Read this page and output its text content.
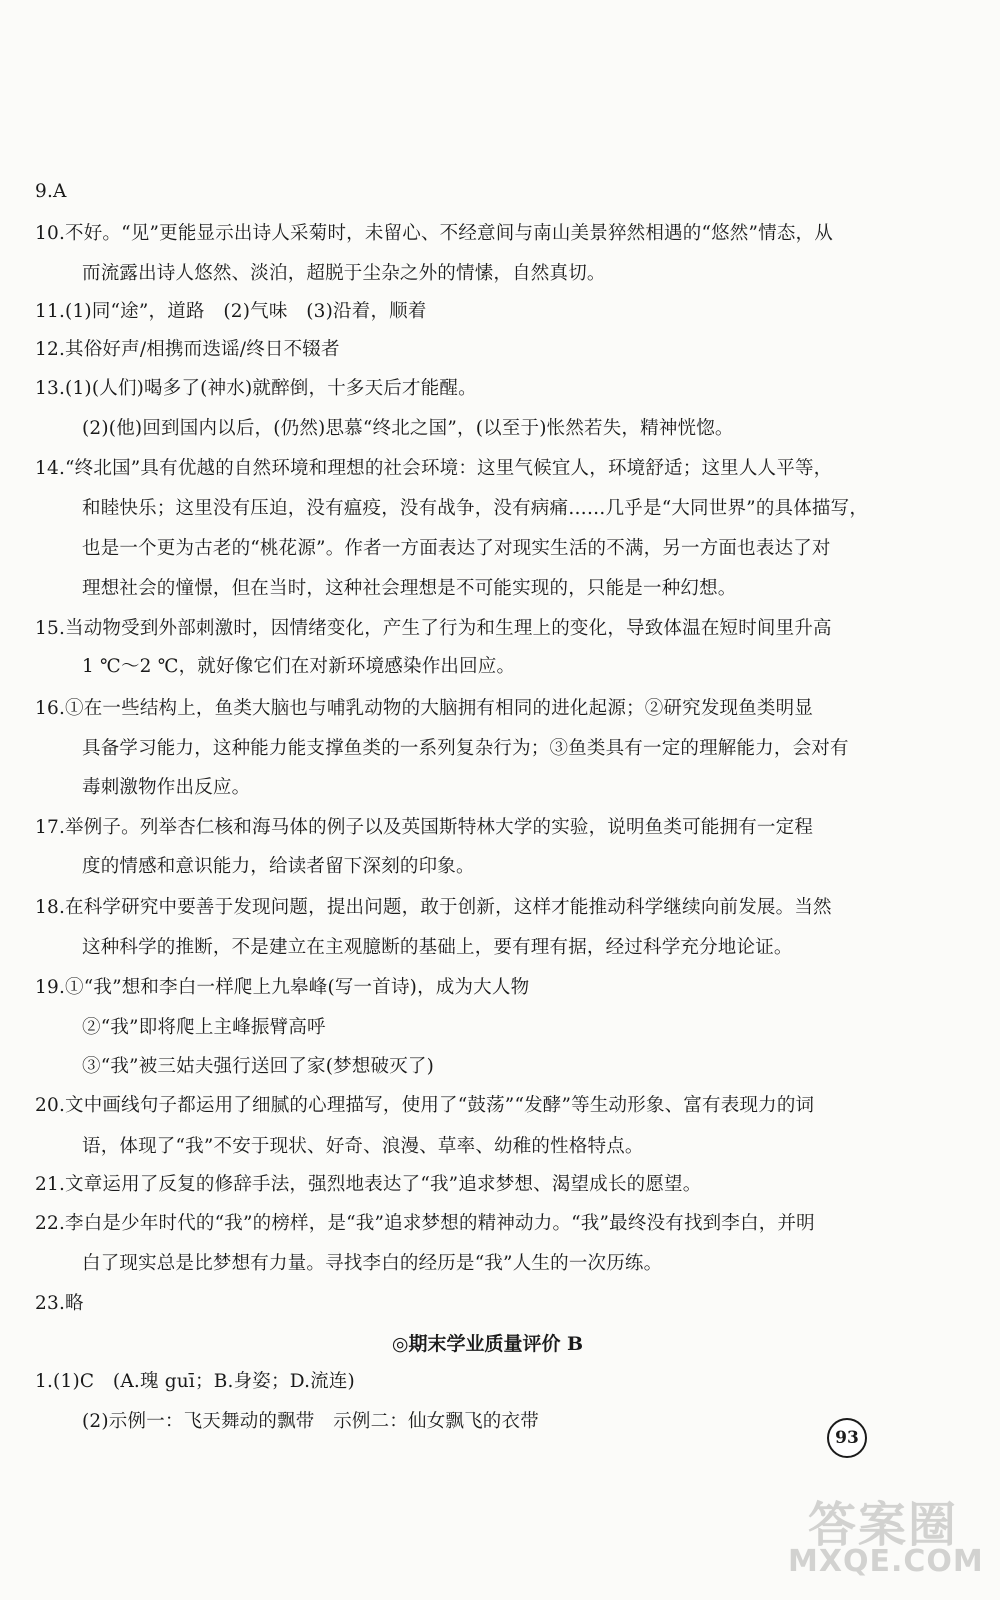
9.A
10.不好。“见”更能显示出诗人采菊时，未留心、不经意间与南山美景猝然相遇的“悠然”情态，从
而流露出诗人悠然、淡泊，超脱于尘杂之外的情愫，自然真切。
11.(1)同“途”，道路　(2)气味　(3)沿着，顺着
12.其俗好声/相携而迭谣/终日不辍者
13.(1)(人们)喝多了(神水)就醉倒，十多天后才能醒。
(2)(他)回到国内以后，(仍然)思慕“终北之国”，(以至于)怅然若失，精神恍惚。
14.“终北国”具有优越的自然环境和理想的社会环境：这里气候宜人，环境舒适；这里人人平等，
和睦快乐；这里没有压迫，没有瘟疫，没有战争，没有病痛……几乎是“大同世界”的具体描写，
也是一个更为古老的“桃花源”。作者一方面表达了对现实生活的不满，另一方面也表达了对
理想社会的憧憬，但在当时，这种社会理想是不可能实现的，只能是一种幻想。
15.当动物受到外部刺激时，因情绪变化，产生了行为和生理上的变化，导致体温在短时间里升高
1 ℃～2 ℃，就好像它们在对新环境感染作出回应。
16.①在一些结构上，鱼类大脑也与哺乳动物的大脑拥有相同的进化起源；②研究发现鱼类明显
具备学习能力，这种能力能支撑鱼类的一系列复杂行为；③鱼类具有一定的理解能力，会对有
毒刺激物作出反应。
17.举例子。列举杏仁核和海马体的例子以及英国斯特林大学的实验，说明鱼类可能拥有一定程
度的情感和意识能力，给读者留下深刻的印象。
18.在科学研究中要善于发现问题，提出问题，敢于创新，这样才能推动科学继续向前发展。当然
这种科学的推断，不是建立在主观臆断的基础上，要有理有据，经过科学充分地论证。
19.①“我”想和李白一样爬上九皋峰(写一首诗)，成为大人物
②“我”即将爬上主峰振臂高呼
③“我”被三姑夫强行送回了家(梦想破灭了)
20.文中画线句子都运用了细腻的心理描写，使用了“鼓荡”“发酵”等生动形象、富有表现力的词
语，体现了“我”不安于现状、好奇、浪漫、草率、幼稚的性格特点。
21.文章运用了反复的修辞手法，强烈地表达了“我”追求梦想、渴望成长的愿望。
22.李白是少年时代的“我”的榜样，是“我”追求梦想的精神动力。“我”最终没有找到李白，并明
白了现实总是比梦想有力量。寻找李白的经历是“我”人生的一次历练。
23.略
◎期末学业质量评价 B
1.(1)C　(A.瑰 guī；B.身姿；D.流连)
(2)示例一：飞天舞动的飘带　示例二：仙女飘飞的衣带
93
答案圈
MXQE.COM
